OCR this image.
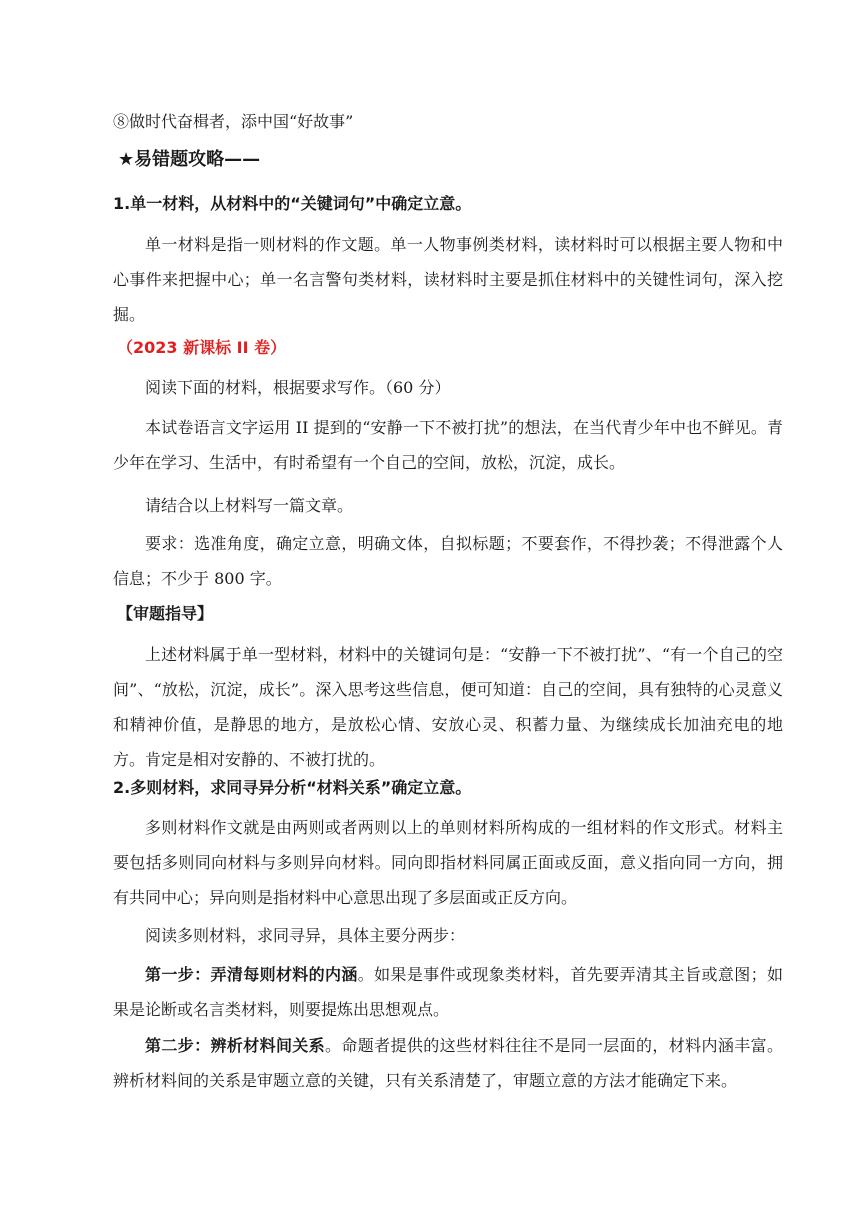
⑧做时代奋楫者，添中国“好故事”
★易错题攻略——
1.单一材料，从材料中的“关键词句”中确定立意。
单一材料是指一则材料的作文题。单一人物事例类材料，读材料时可以根据主要人物和中心事件来把握中心；单一名言警句类材料，读材料时主要是抓住材料中的关键性词句，深入挖掘。
（2023 新课标 II 卷）
阅读下面的材料，根据要求写作。（60 分）
本试卷语言文字运用 II 提到的“安静一下不被打扰”的想法，在当代青少年中也不鲜见。青少年在学习、生活中，有时希望有一个自己的空间，放松，沉淀，成长。
请结合以上材料写一篇文章。
要求：选准角度，确定立意，明确文体，自拟标题；不要套作，不得抄袭；不得泄露个人信息；不少于 800 字。
【审题指导】
上述材料属于单一型材料，材料中的关键词句是：“安静一下不被打扰”、“有一个自己的空间”、“放松，沉淀，成长”。深入思考这些信息，便可知道：自己的空间，具有独特的心灵意义和精神价值，是静思的地方，是放松心情、安放心灵、积蓄力量、为继续成长加油充电的地方。肯定是相对安静的、不被打扰的。
2.多则材料，求同寻异分析“材料关系”确定立意。
多则材料作文就是由两则或者两则以上的单则材料所构成的一组材料的作文形式。材料主要包括多则同向材料与多则异向材料。同向即指材料同属正面或反面，意义指向同一方向，拥有共同中心；异向则是指材料中心意思出现了多层面或正反方向。
阅读多则材料，求同寻异，具体主要分两步：
第一步：弄清每则材料的内涵。如果是事件或现象类材料，首先要弄清其主旨或意图；如果是论断或名言类材料，则要提炼出思想观点。
第二步：辨析材料间关系。命题者提供的这些材料往往不是同一层面的，材料内涵丰富。辨析材料间的关系是审题立意的关键，只有关系清楚了，审题立意的方法才能确定下来。
